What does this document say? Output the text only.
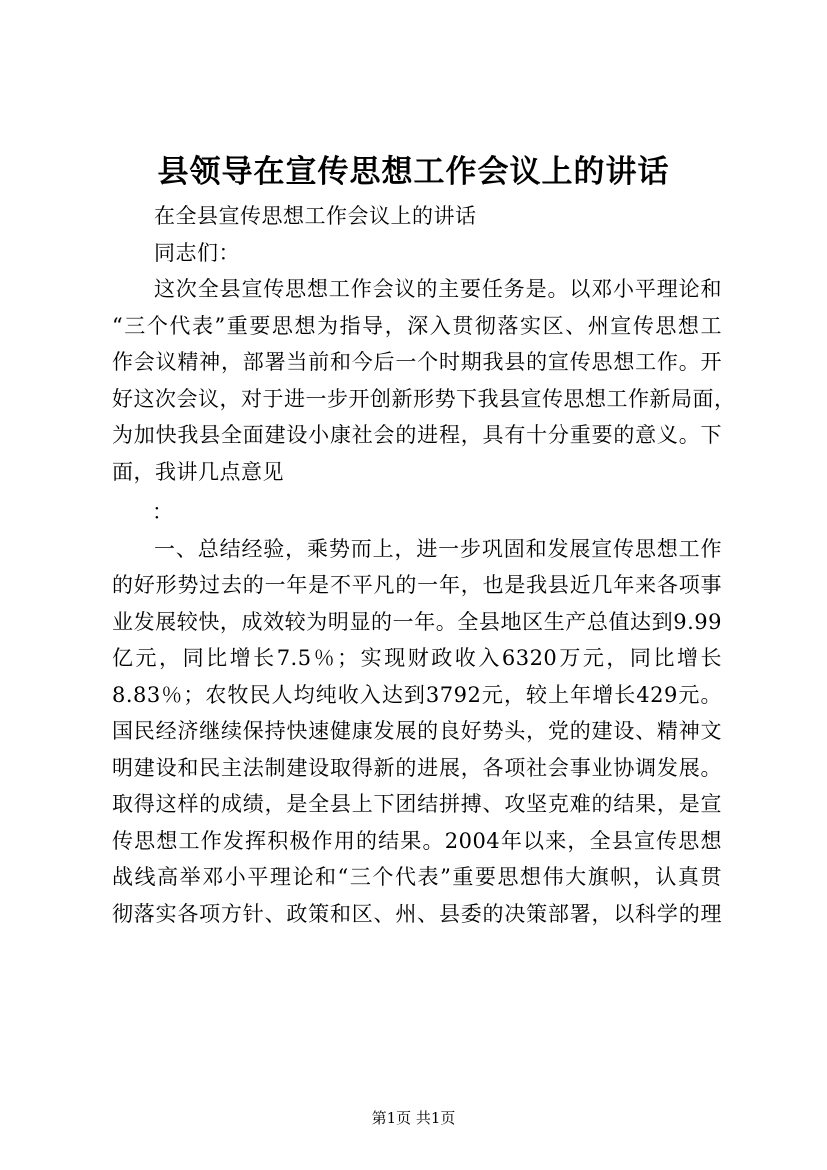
县领导在宣传思想工作会议上的讲话
在全县宣传思想工作会议上的讲话
同志们：
这次全县宣传思想工作会议的主要任务是。以邓小平理论和
“三个代表”重要思想为指导，深入贯彻落实区、州宣传思想工
作会议精神，部署当前和今后一个时期我县的宣传思想工作。开
好这次会议，对于进一步开创新形势下我县宣传思想工作新局面，
为加快我县全面建设小康社会的进程，具有十分重要的意义。下
面，我讲几点意见
：
一、总结经验，乘势而上，进一步巩固和发展宣传思想工作
的好形势过去的一年是不平凡的一年，也是我县近几年来各项事
业发展较快，成效较为明显的一年。全县地区生产总值达到9.99
亿元，同比增长7.5％；实现财政收入6320万元，同比增长
8.83％；农牧民人均纯收入达到3792元，较上年增长429元。
国民经济继续保持快速健康发展的良好势头，党的建设、精神文
明建设和民主法制建设取得新的进展，各项社会事业协调发展。
取得这样的成绩，是全县上下团结拼搏、攻坚克难的结果，是宣
传思想工作发挥积极作用的结果。2004年以来，全县宣传思想
战线高举邓小平理论和“三个代表”重要思想伟大旗帜，认真贯
彻落实各项方针、政策和区、州、县委的决策部署，以科学的理
第1页 共1页
